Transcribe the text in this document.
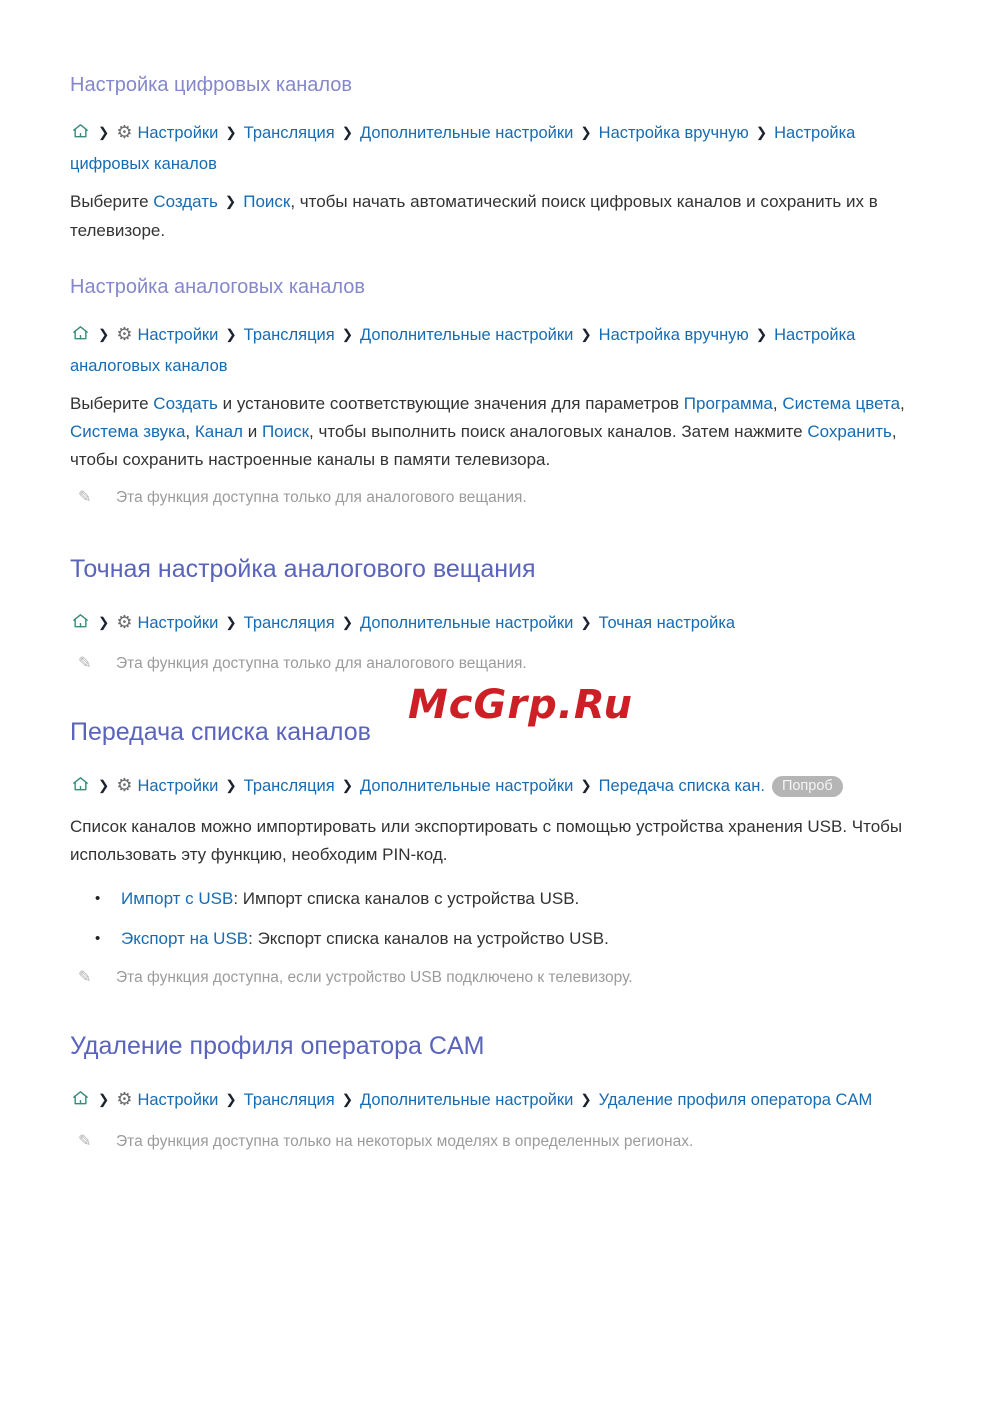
Настройка цифровых каналов
❯ ⚙︎ Настройки ❯ Трансляция ❯ Дополнительные настройки ❯ Настройка вручную ❯ Настройка цифровых каналов

Выберите Создать ❯ Поиск, чтобы начать автоматический поиск цифровых каналов и сохранить их в телевизоре.

Настройка аналоговых каналов
❯ ⚙︎ Настройки ❯ Трансляция ❯ Дополнительные настройки ❯ Настройка вручную ❯ Настройка аналоговых каналов

Выберите Создать и установите соответствующие значения для параметров Программа, Система цвета, Система звука, Канал и Поиск, чтобы выполнить поиск аналоговых каналов. Затем нажмите Сохранить, чтобы сохранить настроенные каналы в памяти телевизора.

✎	Эта функция доступна только для аналогового вещания.
Точная настройка аналогового вещания
❯ ⚙︎ Настройки ❯ Трансляция ❯ Дополнительные настройки ❯ Точная настройка
✎	Эта функция доступна только для аналогового вещания.
Передача списка каналов
❯ ⚙︎ Настройки ❯ Трансляция ❯ Дополнительные настройки ❯ Передача списка кан. Попроб

Список каналов можно импортировать или экспортировать с помощью устройства хранения USB. Чтобы использовать эту функцию, необходим PIN-код.

•	Импорт с USB: Импорт списка каналов с устройства USB.
•	Экспорт на USB: Экспорт списка каналов на устройство USB.
✎	Эта функция доступна, если устройство USB подключено к телевизору.
Удаление профиля оператора CAM
❯ ⚙︎ Настройки ❯ Трансляция ❯ Дополнительные настройки ❯ Удаление профиля оператора CAM
✎	Эта функция доступна только на некоторых моделях в определенных регионах.
McGrp.Ru
